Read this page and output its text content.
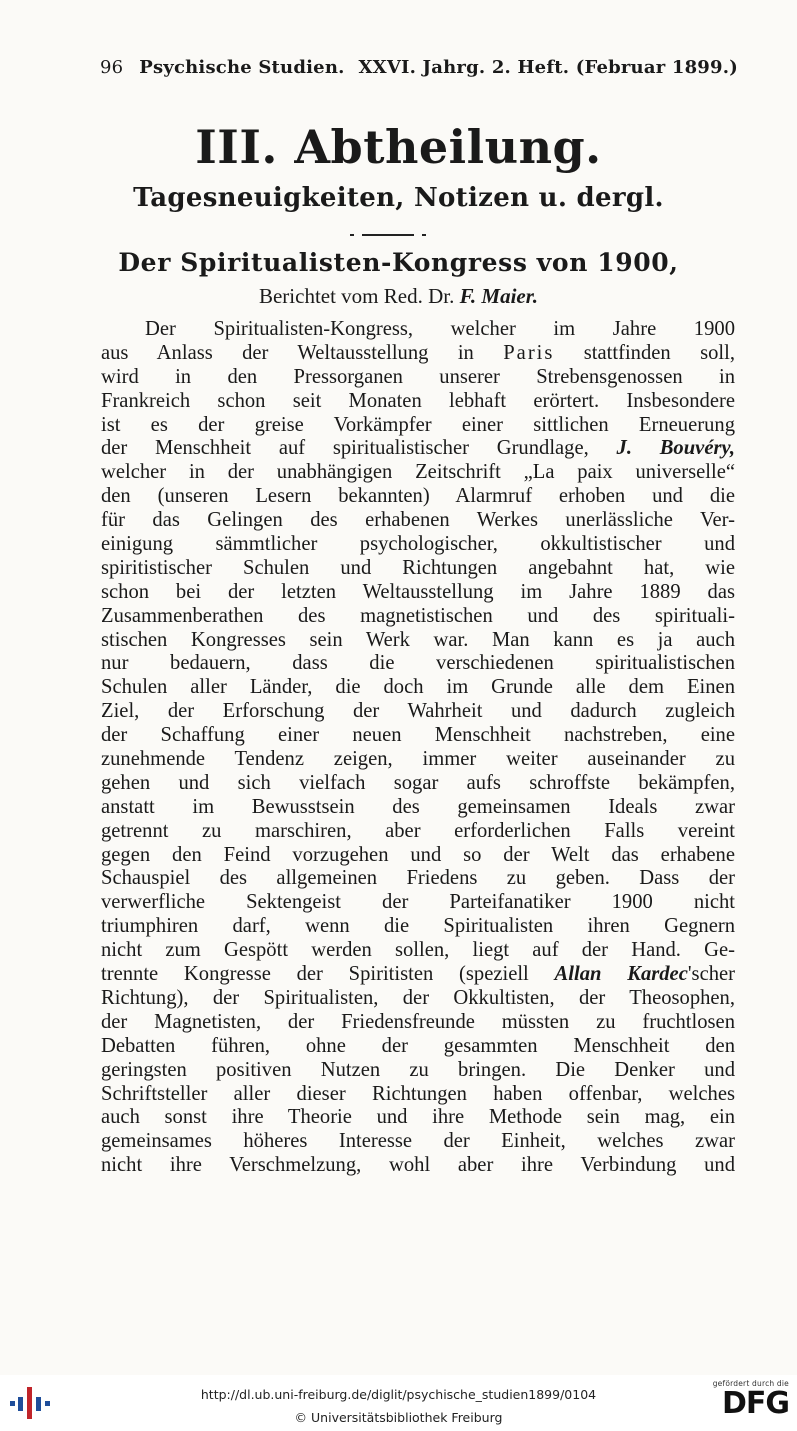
96 Psychische Studien. XXVI. Jahrg. 2. Heft. (Februar 1899.)
III. Abtheilung.
Tagesneuigkeiten, Notizen u. dergl.
Der Spiritualisten-Kongress von 1900,
Berichtet vom Red. Dr. F. Maier.
Der Spiritualisten-Kongress, welcher im Jahre 1900
aus Anlass der Weltausstellung in Paris stattfinden soll,
wird in den Pressorganen unserer Strebensgenossen in
Frankreich schon seit Monaten lebhaft erörtert. Insbesondere
ist es der greise Vorkämpfer einer sittlichen Erneuerung
der Menschheit auf spiritualistischer Grundlage, J. Bouvéry,
welcher in der unabhängigen Zeitschrift „La paix universelle“
den (unseren Lesern bekannten) Alarmruf erhoben und die
für das Gelingen des erhabenen Werkes unerlässliche Ver-
einigung sämmtlicher psychologischer, okkultistischer und
spiritistischer Schulen und Richtungen angebahnt hat, wie
schon bei der letzten Weltausstellung im Jahre 1889 das
Zusammenberathen des magnetistischen und des spirituali-
stischen Kongresses sein Werk war. Man kann es ja auch
nur bedauern, dass die verschiedenen spiritualistischen
Schulen aller Länder, die doch im Grunde alle dem Einen
Ziel, der Erforschung der Wahrheit und dadurch zugleich
der Schaffung einer neuen Menschheit nachstreben, eine
zunehmende Tendenz zeigen, immer weiter auseinander zu
gehen und sich vielfach sogar aufs schroffste bekämpfen,
anstatt im Bewusstsein des gemeinsamen Ideals zwar
getrennt zu marschiren, aber erforderlichen Falls vereint
gegen den Feind vorzugehen und so der Welt das erhabene
Schauspiel des allgemeinen Friedens zu geben. Dass der
verwerfliche Sektengeist der Parteifanatiker 1900 nicht
triumphiren darf, wenn die Spiritualisten ihren Gegnern
nicht zum Gespött werden sollen, liegt auf der Hand. Ge-
trennte Kongresse der Spiritisten (speziell Allan Kardec'scher
Richtung), der Spiritualisten, der Okkultisten, der Theosophen,
der Magnetisten, der Friedensfreunde müssten zu fruchtlosen
Debatten führen, ohne der gesammten Menschheit den
geringsten positiven Nutzen zu bringen. Die Denker und
Schriftsteller aller dieser Richtungen haben offenbar, welches
auch sonst ihre Theorie und ihre Methode sein mag, ein
gemeinsames höheres Interesse der Einheit, welches zwar
nicht ihre Verschmelzung, wohl aber ihre Verbindung und
http://dl.ub.uni-freiburg.de/diglit/psychische_studien1899/0104
© Universitätsbibliothek Freiburg
gefördert durch die
DFG
